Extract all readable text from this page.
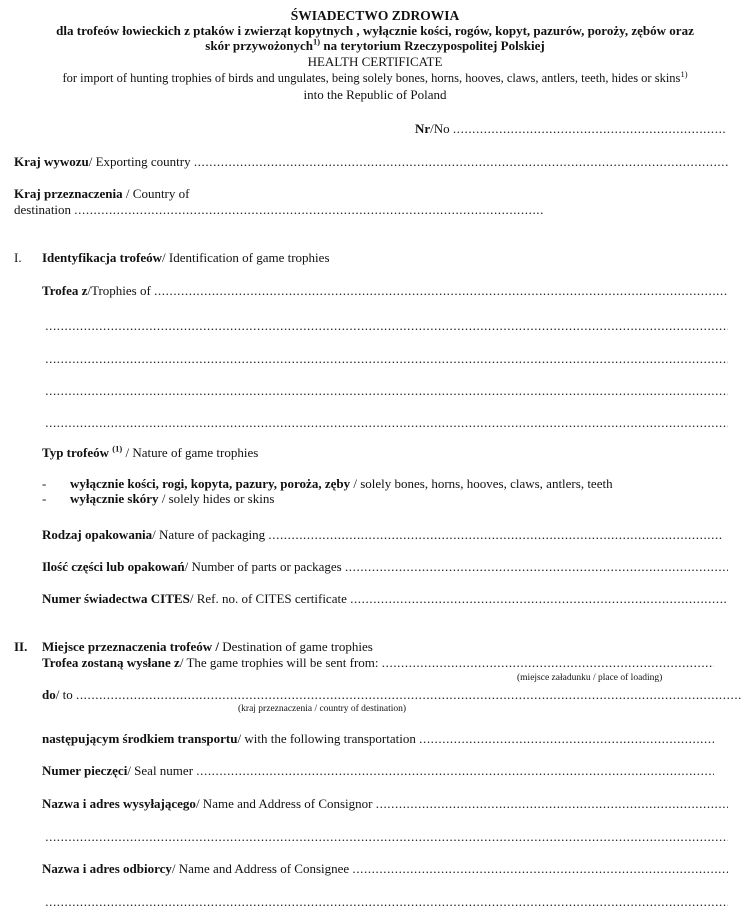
ŚWIADECTWO ZDROWIA
dla trofeów łowieckich z ptaków i zwierząt kopytnych , wyłącznie kości, rogów, kopyt, pazurów, poroży, zębów oraz
skór przywożonych$^{1)}$ na terytorium Rzeczypospolitej Polskiej
HEALTH CERTIFICATE
for import of hunting trophies of birds and ungulates, being solely bones, horns, hooves, claws, antlers, teeth, hides or skins$^{1)}$
into the Republic of Poland
Nr /No
.....
Kraj wywozu / Exporting country
.....
Kraj przeznaczenia / Country of
destination
.....
I. Identyfikacja trofeów/ Identification of game trophies
Trofea z /Trophies of
.....
.....
.....
.....
.....
Typ trofeów $^{(1)}$ / Nature of game trophies
- wyłącznie kości, rogi, kopyta, pazury, poroża, zęby / solely bones, horns, hooves, claws, antlers, teeth
- wyłącznie skóry / solely hides or skins
Rodzaj opakowania / Nature of packaging
.....
Ilość części lub opakowań / Number of parts or packages
.....
Numer świadectwa CITES / Ref. no. of CITES certificate
.....
II. Miejsce przeznaczenia trofeów / Destination of game trophies
Trofea zostaną wysłane z / The game trophies will be sent from:
.....
(miejsce załadunku / place of loading)
do / to
.....
(kraj przeznaczenia / country of destination)
następującym środkiem transportu / with the following transportation
.....
Numer pieczęci / Seal numer
.....
Nazwa i adres wysyłającego / Name and Address of Consignor
.....
.....
Nazwa i adres odbiorcy / Name and Address of Consignee
.....
.....
